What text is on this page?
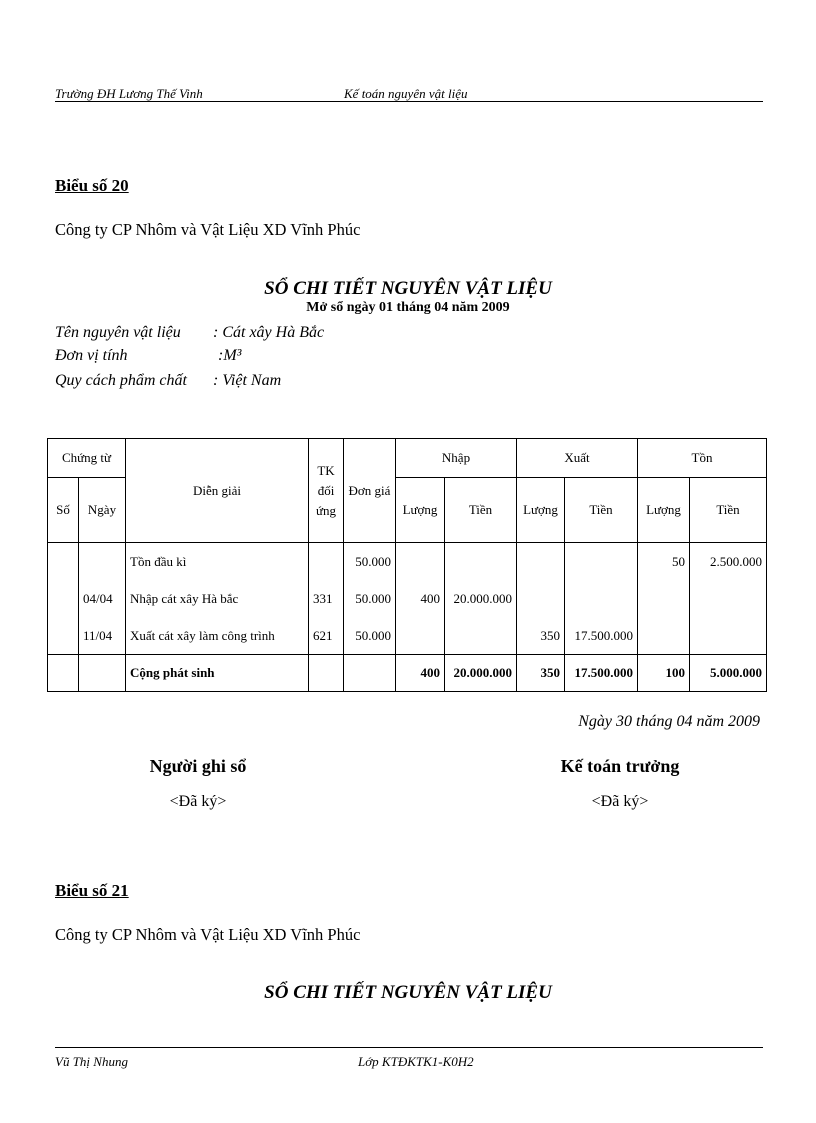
Trường ĐH Lương Thế Vinh	Kế toán nguyên vật liệu
Biểu số 20
Công ty CP Nhôm và Vật Liệu XD Vĩnh Phúc
SỔ CHI TIẾT NGUYÊN VẬT LIỆU
Mở sổ ngày 01 tháng 04 năm 2009
Tên nguyên vật liệu : Cát xây Hà Bắc
Đơn vị tính	:M³
Quy cách phẩm chất : Việt Nam
Chứng từ		Diễn giải	TK đối ứng	Đơn giá	Nhập		Xuất		Tồn	
Số	Ngày				Lượng	Tiền	Lượng	Tiền	Lượng	Tiền
		Tồn đầu kì		50.000					50	2.500.000
	04/04	Nhập cát xây Hà bắc	331	50.000	400	20.000.000				
	11/04	Xuất cát xây làm công trình	621	50.000			350	17.500.000		
		Cộng phát sinh			400	20.000.000	350	17.500.000	100	5.000.000
Ngày 30 tháng 04 năm 2009
Người ghi sổ
<Đã ký>
Kế toán trưởng
<Đã ký>
Biểu số 21
Công ty CP Nhôm và Vật Liệu XD Vĩnh Phúc
SỔ CHI TIẾT NGUYÊN VẬT LIỆU
Vũ Thị Nhung	Lớp KTĐKTK1-K0H2
